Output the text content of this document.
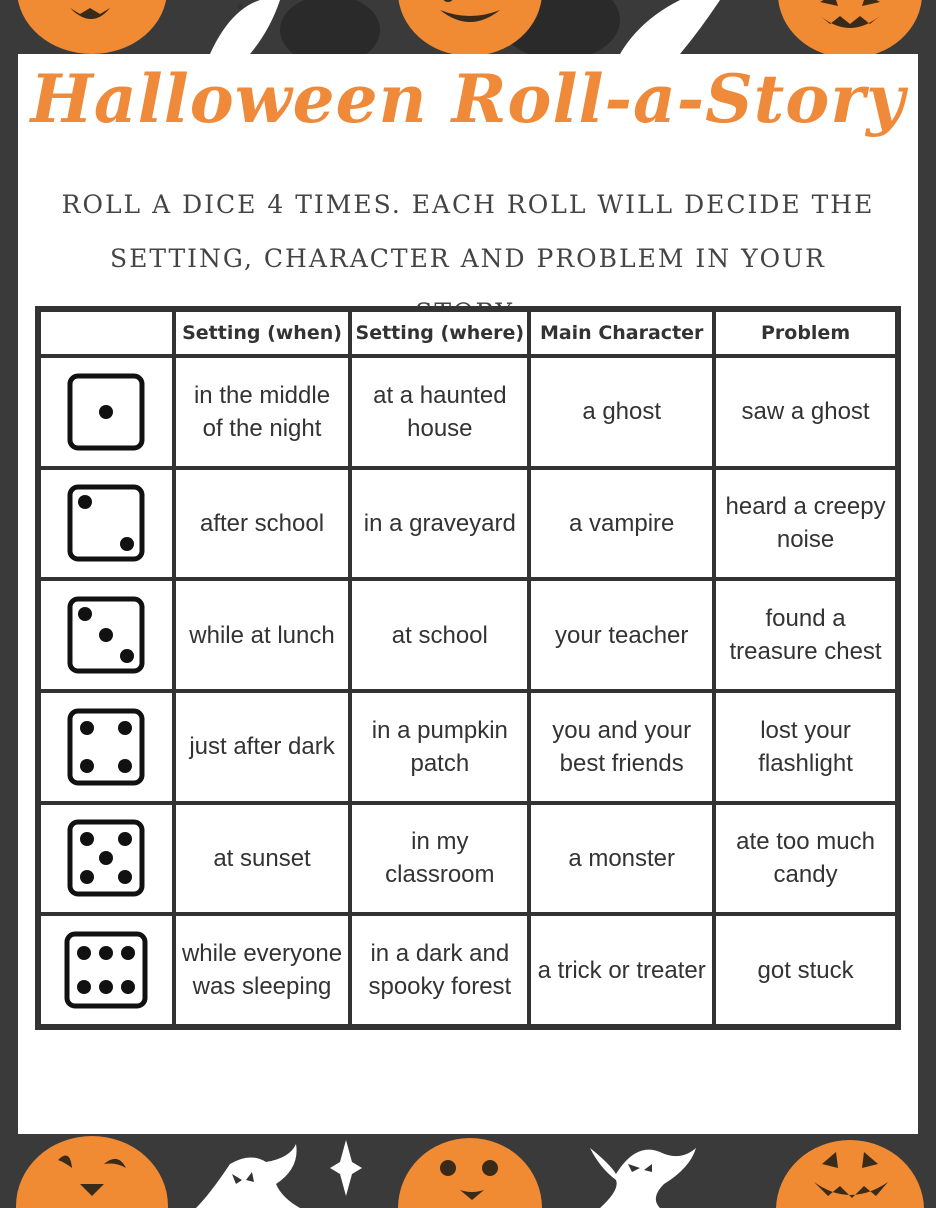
Halloween Roll-a-Story
ROLL A DICE 4 TIMES. EACH ROLL WILL DECIDE THE SETTING, CHARACTER AND PROBLEM IN YOUR
	Setting (when)	Setting (where)	Main Character	Problem
	in the middle of the night	at a haunted house	a ghost	saw a ghost
	after school	in a graveyard	a vampire	heard a creepy noise
	while at lunch	at school	your teacher	found a treasure chest
	just after dark	in a pumpkin patch	you and your best friends	lost your flashlight
	at sunset	in my classroom	a monster	ate too much candy
	while everyone was sleeping	in a dark and spooky forest	a trick or treater	got stuck
